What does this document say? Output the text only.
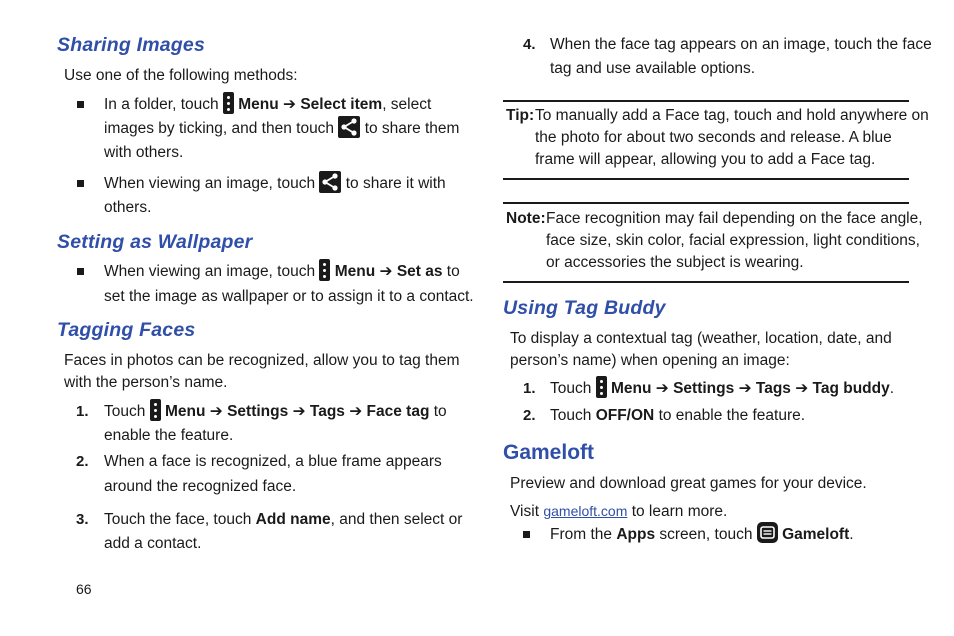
Sharing Images
Use one of the following methods:
In a folder, touch Menu ➔ Select item, select
images by ticking, and then touch to share them
with others.
When viewing an image, touch to share it with
others.
Setting as Wallpaper
When viewing an image, touch Menu ➔ Set as to
set the image as wallpaper or to assign it to a contact.
Tagging Faces
Faces in photos can be recognized, allow you to tag them
with the person’s name.
1. Touch Menu ➔ Settings ➔ Tags ➔ Face tag to
enable the feature.
2. When a face is recognized, a blue frame appears
around the recognized face.
3. Touch the face, touch Add name, and then select or
add a contact.
66
4. When the face tag appears on an image, touch the face
tag and use available options.
Tip: To manually add a Face tag, touch and hold anywhere on
the photo for about two seconds and release. A blue
frame will appear, allowing you to add a Face tag.
Note: Face recognition may fail depending on the face angle,
face size, skin color, facial expression, light conditions,
or accessories the subject is wearing.
Using Tag Buddy
To display a contextual tag (weather, location, date, and
person’s name) when opening an image:
1. Touch Menu ➔ Settings ➔ Tags ➔ Tag buddy.
2. Touch OFF/ON to enable the feature.
Gameloft
Preview and download great games for your device.
Visit gameloft.com to learn more.
From the Apps screen, touch Gameloft.
